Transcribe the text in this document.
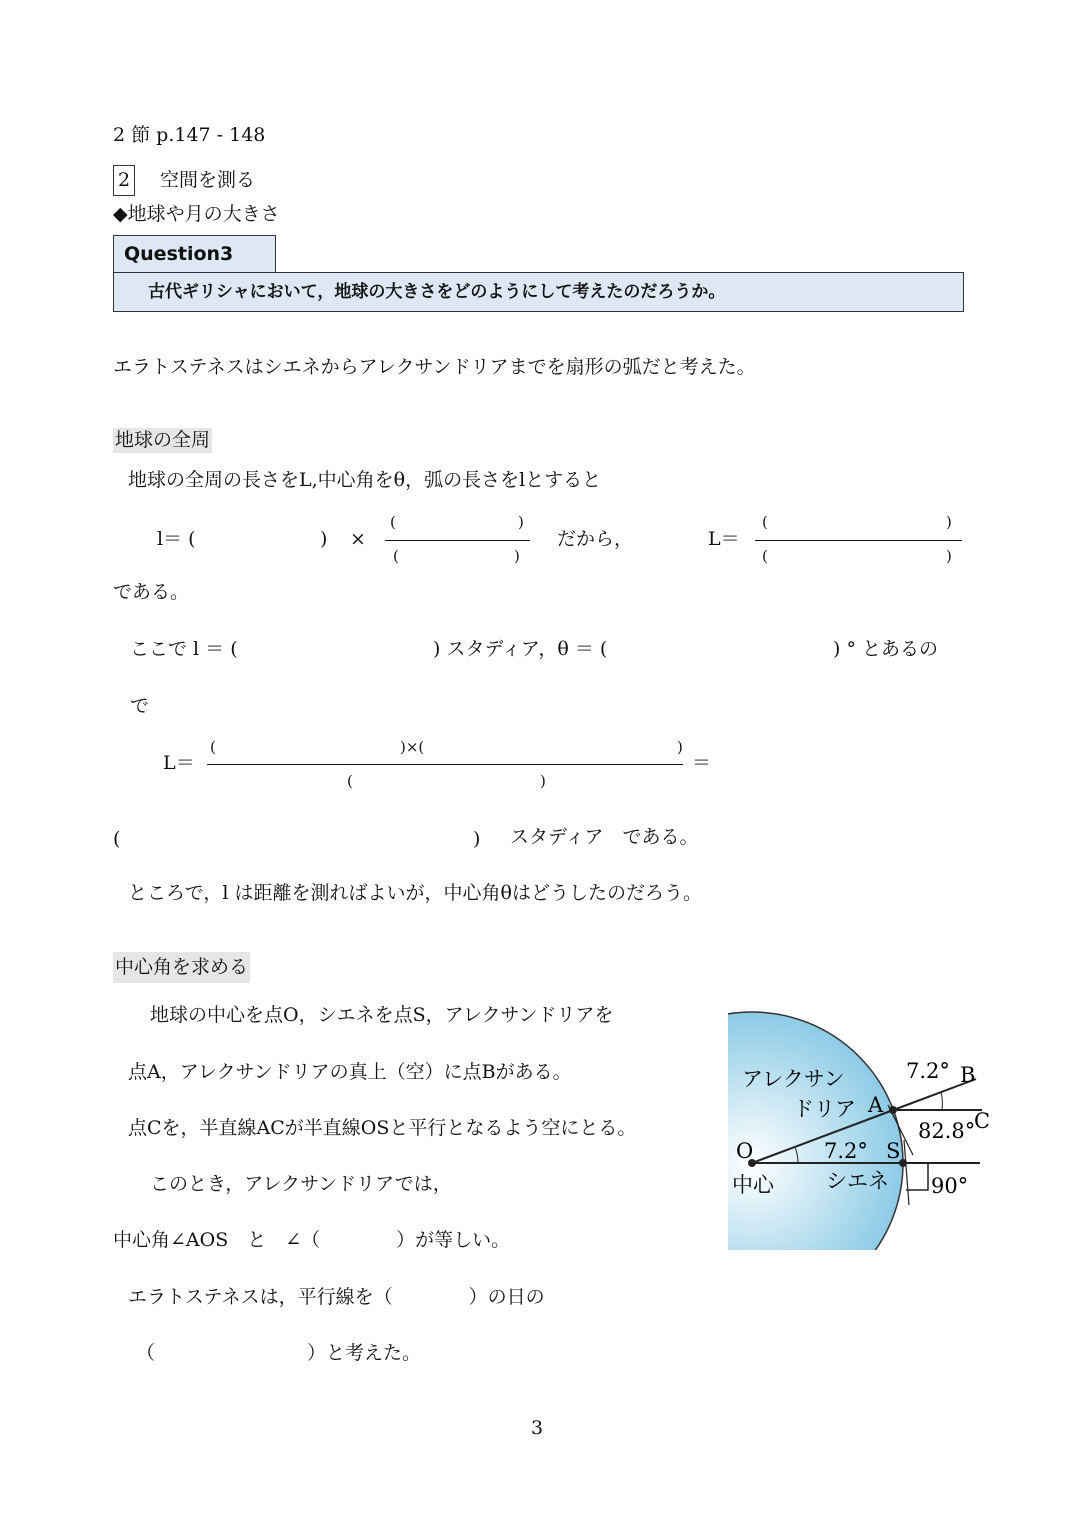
2 節 p.147 - 148
2 空間を測る
◆地球や月の大きさ
Question3
古代ギリシャにおいて，地球の大きさをどのようにして考えたのだろうか。
エラトステネスはシエネからアレクサンドリアまでを扇形の弧だと考えた。
地球の全周
地球の全周の長さをL,中心角をθ，弧の長さをlとすると
l＝ (	) ×
(	)
(	)
だから，	L＝
(	)
(	)
である。
ここで l ＝ (	) スタディア，θ ＝ (	) ° とあるの
で
L＝
(	)×(	)
(	)
＝
(	) スタディア　である。
ところで，l は距離を測ればよいが，中心角θはどうしたのだろう。
中心角を求める
地球の中心を点O，シエネを点S，アレクサンドリアを
点A，アレクサンドリアの真上（空）に点Bがある。
点Cを，半直線ACが半直線OSと平行となるよう空にとる。
このとき，アレクサンドリアでは，
中心角∠AOS　と　∠（　　　　）が等しい。
エラトステネスは，平行線を（　　　　）の日の
（　　　　　　　　）と考えた。
アレクサン
ドリア A
B
C
O	S
中心 シエネ
7.2°
7.2°
82.8°
90°
3
